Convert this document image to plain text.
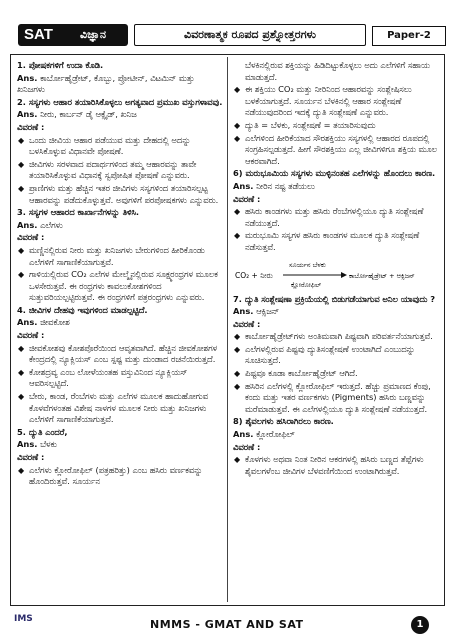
SAT ವಿಜ್ಞಾನ	ವಿವರಣಾತ್ಮಕ ರೂಪದ ಪ್ರಶ್ನೋತ್ತರಗಳು	Paper-2
1. ಪೋಷಕಗಳಿಗೆ ಉದಾ ಕೊಡಿ.
Ans. ಕಾರ್ಬೋಹೈಡ್ರೇಟ್, ಕೊಬ್ಬು, ಪ್ರೋಟೀನ್, ವಿಟಮಿನ್ ಮತ್ತು ಖನಿಜಗಳು
2. ಸಸ್ಯಗಳು ಆಹಾರ ತಯಾರಿಸಿಕೊಳ್ಳಲು ಅಗತ್ಯವಾದ ಪ್ರಮುಖ ವಸ್ತುಗಳಾವವು.
Ans. ನೀರು, ಕಾರ್ಬನ್ ಡೈ ಆಕ್ಸೈಡ್, ಖನಿಜ
ವಿವರಣೆ :
◆ ಒಂದು ಜೀವಿಯ ಆಹಾರ ಪಡೆಯುವ ಮತ್ತು ದೇಹದಲ್ಲಿ ಅದನ್ನು ಬಳಸಿಕೊಳ್ಳುವ ವಿಧಾನವೇ ಪೋಷಣೆ.
◆ ಜೀವಿಗಳು ಸರಳವಾದ ಪದಾರ್ಥಗಳಿಂದ ತಮ್ಮ ಆಹಾರವನ್ನು ತಾವೇ ತಯಾರಿಸಿಕೊಳ್ಳುವ ವಿಧಾನಕ್ಕೆ ಸ್ವಪೋಷಿತ ಪೋಷಣೆ ಎನ್ನುವರು.
◆ ಪ್ರಾಣಿಗಳು ಮತ್ತು ಹೆಚ್ಚಿನ ಇತರ ಜೀವಿಗಳು ಸಸ್ಯಗಳಿಂದ ತಯಾರಿಸಲ್ಪಟ್ಟ ಆಹಾರವನ್ನು ಪಡೆದುಕೊಳ್ಳುತ್ತವೆ. ಅವುಗಳಿಗೆ ಪರಪೋಷಕಗಳು ಎನ್ನುವರು.
3. ಸಸ್ಯಗಳ ಆಹಾರದ ಕಾರ್ಖಾನೆಗಳನ್ನು ತಿಳಿಸಿ.
Ans. ಎಲೆಗಳು
ವಿವರಣೆ :
◆ ಮಣ್ಣಿನಲ್ಲಿರುವ ನೀರು ಮತ್ತು ಖನಿಜಗಳು ಬೇರುಗಳಿಂದ ಹೀರಿಕೊಂಡು ಎಲೆಗಳಿಗೆ ಸಾಗಾಣಿಕೆಯಾಗುತ್ತವೆ.
◆ ಗಾಳಿಯಲ್ಲಿರುವ CO₂ ಎಲೆಗಳ ಮೇಲ್ಮೈನಲ್ಲಿರುವ ಸೂಕ್ಷ್ಮರಂಧ್ರಗಳ ಮೂಲಕ ಒಳಸೇರುತ್ತವೆ. ಈ ರಂಧ್ರಗಳು ಕಾವಲುಕೋಶಗಳಿಂದ ಸುತ್ತುವರಿಯಲ್ಪಟ್ಟಿರುತ್ತವೆ. ಈ ರಂಧ್ರಗಳಿಗೆ ಪತ್ರರಂಧ್ರಗಳು ಎನ್ನುವರು.
4. ಜೀವಿಗಳ ದೇಹವು ಇವುಗಳಿಂದ ಮಾಡಲ್ಪಟ್ಟಿದೆ.
Ans. ಜೀವಕೋಶ
ವಿವರಣೆ :
◆ ಜೀವಕೋಶವು ಕೋಶಪೊರೆಯಿಂದ ಆವೃತವಾಗಿದೆ. ಹೆಚ್ಚಿನ ಜೀವಕೋಶಗಳ ಕೇಂದ್ರದಲ್ಲಿ ನ್ಯೂಕ್ಲಿಯಸ್ ಎಂಬ ಸ್ಪಷ್ಟ ಮತ್ತು ದುಂಡಾದ ರಚನೆಯಿರುತ್ತದೆ.
◆ ಕೋಶದ್ರವ್ಯ ಎಂಬ ಲೋಳೆಯಂತಹ ವಸ್ತುವಿನಿಂದ ನ್ಯೂಕ್ಲಿಯಸ್ ಆವರಿಸಲ್ಪಟ್ಟಿದೆ.
◆ ಬೇರು, ಕಾಂಡ, ರೆಂಬೆಗಳು ಮತ್ತು ಎಲೆಗಳ ಮೂಲಕ ಹಾದುಹೋಗುವ ಕೊಳವೆಗಳಂತಹ ವಿಶೇಷ ನಾಳಗಳ ಮೂಲಕ ನೀರು ಮತ್ತು ಖನಿಜಗಳು ಎಲೆಗಳಿಗೆ ಸಾಗಾಣಿಕೆಯಾಗುತ್ತವೆ.
5. ದ್ಯುತಿ ಎಂದರೆ,
Ans. ಬೆಳಕು
ವಿವರಣೆ :
◆ ಎಲೆಗಳು ಕ್ಲೋರೋಫಿಲ್ (ಪತ್ರಹರಿತ್ತು) ಎಂಬ ಹಸಿರು ವರ್ಣಕವನ್ನು ಹೊಂದಿರುತ್ತವೆ. ಸೂರ್ಯನ
ಬೆಳಕಿನಲ್ಲಿರುವ ಶಕ್ತಿಯನ್ನು ಹಿಡಿದಿಟ್ಟುಕೊಳ್ಳಲು ಅದು ಎಲೆಗಳಿಗೆ ಸಹಾಯ ಮಾಡುತ್ತದೆ.
◆ ಈ ಶಕ್ತಿಯು CO₂ ಮತ್ತು ನೀರಿನಿಂದ ಆಹಾರವನ್ನು ಸಂಶ್ಲೇಷಿಸಲು ಬಳಕೆಯಾಗುತ್ತದೆ. ಸೂರ್ಯನ ಬೆಳಕಿನಲ್ಲಿ ಆಹಾರ ಸಂಶ್ಲೇಷಣೆ ನಡೆಯುವುದರಿಂದ ಇದಕ್ಕೆ ದ್ಯುತಿ ಸಂಶ್ಲೇಷಣೆ ಎನ್ನುವರು.
◆ ದ್ಯುತಿ = ಬೆಳಕು, ಸಂಶ್ಲೇಷಣೆ = ತಯಾರಿಸುವುದು
◆ ಎಲೆಗಳಿಂದ ಹೀರಿಕೆಯಾದ ಸೌರಶಕ್ತಿಯು ಸಸ್ಯಗಳಲ್ಲಿ ಆಹಾರದ ರೂಪದಲ್ಲಿ ಸಂಗ್ರಹಿಸಲ್ಪಡುತ್ತದೆ. ಹೀಗೆ ಸೌರಶಕ್ತಿಯು ಎಲ್ಲ ಜೀವಿಗಳಿಗೂ ಶಕ್ತಿಯ ಮೂಲ ಆಕರವಾಗಿದೆ.
6) ಮರುಭೂಮಿಯ ಸಸ್ಯಗಳು ಮುಳ್ಳಿನಂತಹ ಎಲೆಗಳನ್ನು ಹೊಂದಲು ಕಾರಣ.
Ans. ನೀರಿನ ನಷ್ಟ ತಡೆಯಲು
ವಿವರಣೆ :
◆ ಹಸಿರು ಕಾಂಡಗಳು ಮತ್ತು ಹಸಿರು ರೆಂಬೆಗಳಲ್ಲಿಯೂ ದ್ಯುತಿ ಸಂಶ್ಲೇಷಣೆ ನಡೆಯುತ್ತದೆ.
◆ ಮರುಭೂಮಿ ಸಸ್ಯಗಳ ಹಸಿರು ಕಾಂಡಗಳ ಮೂಲಕ ದ್ಯುತಿ ಸಂಶ್ಲೇಷಣೆ ನಡೆಸುತ್ತವೆ.
CO₂ + ನೀರು
ಸೂರ್ಯನ ಬೆಳಕು
ಕ್ಲೋರೋಫಿಲ್
ಕಾರ್ಬೋಹೈಡ್ರೇಟ್ + ಆಕ್ಸಿಜನ್
7. ದ್ಯುತಿ ಸಂಶ್ಲೇಷಣಾ ಪ್ರಕ್ರಿಯೆಯಲ್ಲಿ ಬಿಡುಗಡೆಯಾಗುವ ಅನಿಲ ಯಾವುದು ?
Ans. ಆಕ್ಸಿಜನ್
ವಿವರಣೆ :
◆ ಕಾರ್ಬೋಹೈಡ್ರೇಟ್‌ಗಳು ಅಂತಿಮವಾಗಿ ಪಿಷ್ಟವಾಗಿ ಪರಿವರ್ತನೆಯಾಗುತ್ತವೆ.
◆ ಎಲೆಗಳಲ್ಲಿರುವ ಪಿಷ್ಟವು ದ್ಯುತಿಸಂಶ್ಲೇಷಣೆ ಉಂಟಾಗಿದೆ ಎಂಬುದನ್ನು ಸೂಚಿಸುತ್ತದೆ.
◆ ಪಿಷ್ಟವೂ ಕೂಡಾ ಕಾರ್ಬೋಹೈಡ್ರೇಟ್ ಆಗಿದೆ.
◆ ಹಸಿರಿನ ಎಲೆಗಳಲ್ಲಿ ಕ್ಲೋರೋಫಿಲ್ ಇರುತ್ತದೆ. ಹೆಚ್ಚು ಪ್ರಮಾಣದ ಕೆಂಪು, ಕಂದು ಮತ್ತು ಇತರ ವರ್ಣಕಗಳು (Pigments) ಹಸಿರು ಬಣ್ಣವನ್ನು ಮರೆಮಾಡುತ್ತವೆ. ಈ ಎಲೆಗಳಲ್ಲಿಯೂ ದ್ಯುತಿ ಸಂಶ್ಲೇಷಣೆ ನಡೆಯುತ್ತದೆ.
8) ಶೈವಲಗಳು ಹಸಿರಾಗಿರಲು ಕಾರಣ.
Ans. ಕ್ಲೋರೋಫಿಲ್
ವಿವರಣೆ :
◆ ಕೊಳಗಳು ಅಥವಾ ನಿಂತ ನೀರಿನ ಆಕರಗಳಲ್ಲಿ ಹಸಿರು ಬಣ್ಣದ ತೆಪ್ಪೆಗಳು ಶೈವಲಗಳೆಂಬ ಜೀವಿಗಳ ಬೆಳವಣಿಗೆಯಿಂದ ಉಂಟಾಗಿರುತ್ತವೆ.
IMS	NMMS - GMAT AND SAT	1
